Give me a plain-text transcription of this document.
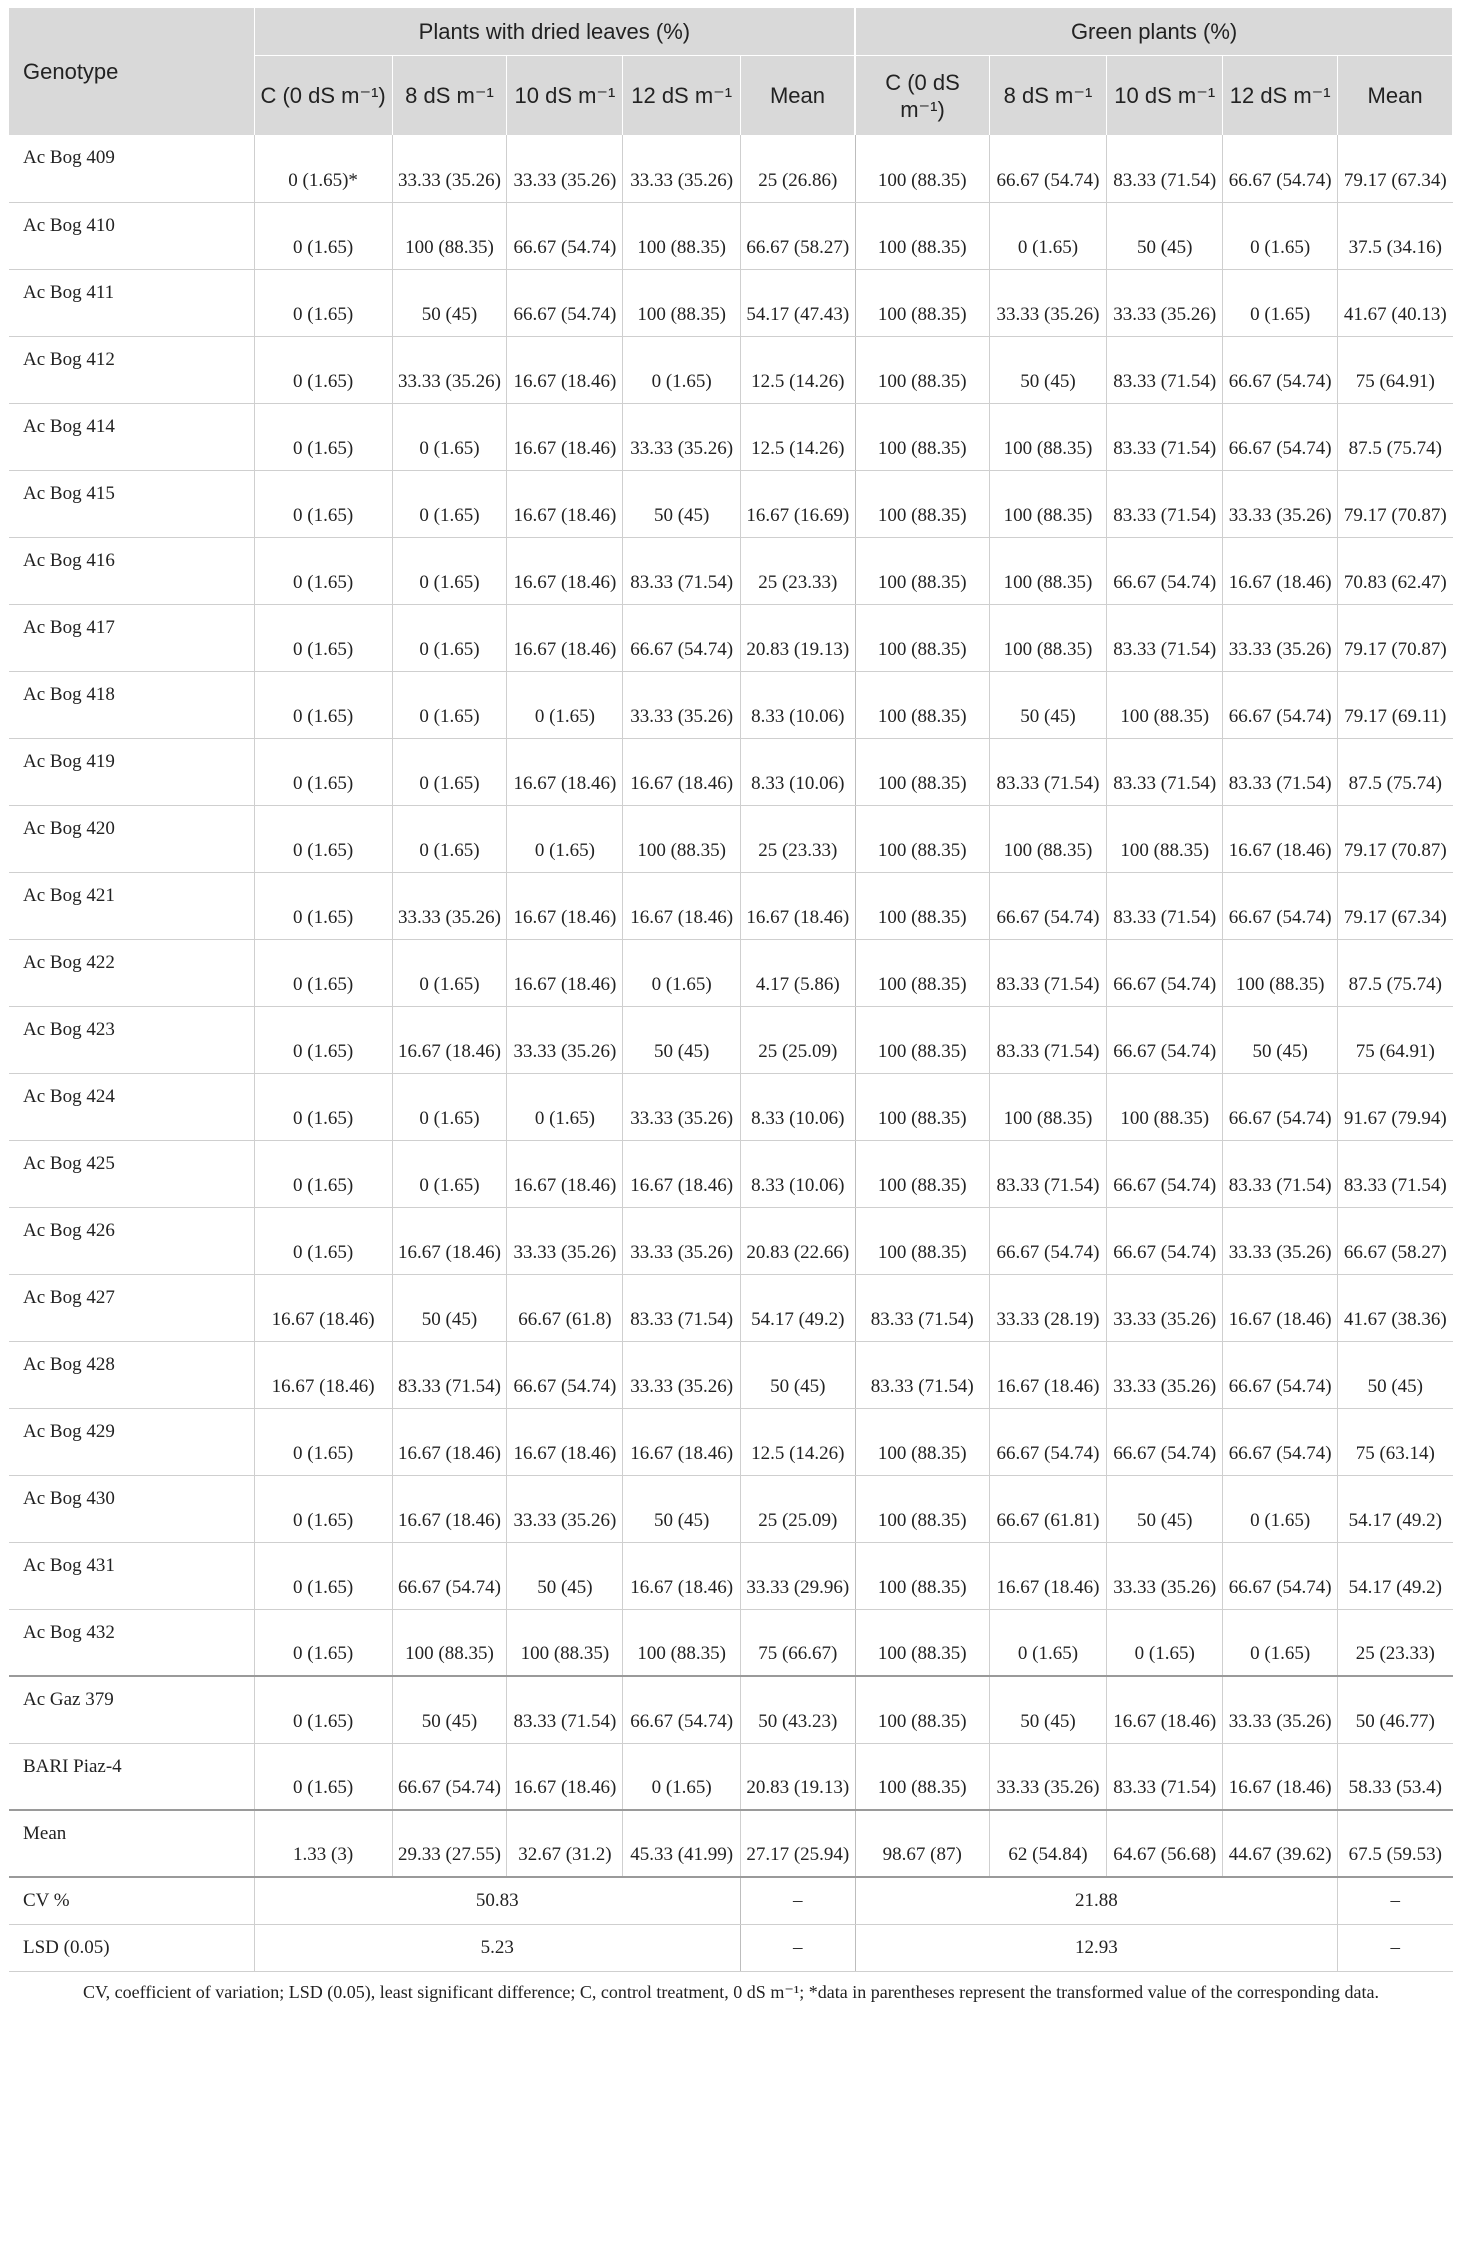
Genotype	Plants with dried leaves (%)					Green plants (%)				
	C (0 dS m⁻¹)	8 dS m⁻¹	10 dS m⁻¹	12 dS m⁻¹	Mean	C (0 dS m⁻¹)	8 dS m⁻¹	10 dS m⁻¹	12 dS m⁻¹	Mean
Ac Bog 409	0 (1.65)*	33.33 (35.26)	33.33 (35.26)	33.33 (35.26)	25 (26.86)	100 (88.35)	66.67 (54.74)	83.33 (71.54)	66.67 (54.74)	79.17 (67.34)
Ac Bog 410	0 (1.65)	100 (88.35)	66.67 (54.74)	100 (88.35)	66.67 (58.27)	100 (88.35)	0 (1.65)	50 (45)	0 (1.65)	37.5 (34.16)
Ac Bog 411	0 (1.65)	50 (45)	66.67 (54.74)	100 (88.35)	54.17 (47.43)	100 (88.35)	33.33 (35.26)	33.33 (35.26)	0 (1.65)	41.67 (40.13)
Ac Bog 412	0 (1.65)	33.33 (35.26)	16.67 (18.46)	0 (1.65)	12.5 (14.26)	100 (88.35)	50 (45)	83.33 (71.54)	66.67 (54.74)	75 (64.91)
Ac Bog 414	0 (1.65)	0 (1.65)	16.67 (18.46)	33.33 (35.26)	12.5 (14.26)	100 (88.35)	100 (88.35)	83.33 (71.54)	66.67 (54.74)	87.5 (75.74)
Ac Bog 415	0 (1.65)	0 (1.65)	16.67 (18.46)	50 (45)	16.67 (16.69)	100 (88.35)	100 (88.35)	83.33 (71.54)	33.33 (35.26)	79.17 (70.87)
Ac Bog 416	0 (1.65)	0 (1.65)	16.67 (18.46)	83.33 (71.54)	25 (23.33)	100 (88.35)	100 (88.35)	66.67 (54.74)	16.67 (18.46)	70.83 (62.47)
Ac Bog 417	0 (1.65)	0 (1.65)	16.67 (18.46)	66.67 (54.74)	20.83 (19.13)	100 (88.35)	100 (88.35)	83.33 (71.54)	33.33 (35.26)	79.17 (70.87)
Ac Bog 418	0 (1.65)	0 (1.65)	0 (1.65)	33.33 (35.26)	8.33 (10.06)	100 (88.35)	50 (45)	100 (88.35)	66.67 (54.74)	79.17 (69.11)
Ac Bog 419	0 (1.65)	0 (1.65)	16.67 (18.46)	16.67 (18.46)	8.33 (10.06)	100 (88.35)	83.33 (71.54)	83.33 (71.54)	83.33 (71.54)	87.5 (75.74)
Ac Bog 420	0 (1.65)	0 (1.65)	0 (1.65)	100 (88.35)	25 (23.33)	100 (88.35)	100 (88.35)	100 (88.35)	16.67 (18.46)	79.17 (70.87)
Ac Bog 421	0 (1.65)	33.33 (35.26)	16.67 (18.46)	16.67 (18.46)	16.67 (18.46)	100 (88.35)	66.67 (54.74)	83.33 (71.54)	66.67 (54.74)	79.17 (67.34)
Ac Bog 422	0 (1.65)	0 (1.65)	16.67 (18.46)	0 (1.65)	4.17 (5.86)	100 (88.35)	83.33 (71.54)	66.67 (54.74)	100 (88.35)	87.5 (75.74)
Ac Bog 423	0 (1.65)	16.67 (18.46)	33.33 (35.26)	50 (45)	25 (25.09)	100 (88.35)	83.33 (71.54)	66.67 (54.74)	50 (45)	75 (64.91)
Ac Bog 424	0 (1.65)	0 (1.65)	0 (1.65)	33.33 (35.26)	8.33 (10.06)	100 (88.35)	100 (88.35)	100 (88.35)	66.67 (54.74)	91.67 (79.94)
Ac Bog 425	0 (1.65)	0 (1.65)	16.67 (18.46)	16.67 (18.46)	8.33 (10.06)	100 (88.35)	83.33 (71.54)	66.67 (54.74)	83.33 (71.54)	83.33 (71.54)
Ac Bog 426	0 (1.65)	16.67 (18.46)	33.33 (35.26)	33.33 (35.26)	20.83 (22.66)	100 (88.35)	66.67 (54.74)	66.67 (54.74)	33.33 (35.26)	66.67 (58.27)
Ac Bog 427	16.67 (18.46)	50 (45)	66.67 (61.8)	83.33 (71.54)	54.17 (49.2)	83.33 (71.54)	33.33 (28.19)	33.33 (35.26)	16.67 (18.46)	41.67 (38.36)
Ac Bog 428	16.67 (18.46)	83.33 (71.54)	66.67 (54.74)	33.33 (35.26)	50 (45)	83.33 (71.54)	16.67 (18.46)	33.33 (35.26)	66.67 (54.74)	50 (45)
Ac Bog 429	0 (1.65)	16.67 (18.46)	16.67 (18.46)	16.67 (18.46)	12.5 (14.26)	100 (88.35)	66.67 (54.74)	66.67 (54.74)	66.67 (54.74)	75 (63.14)
Ac Bog 430	0 (1.65)	16.67 (18.46)	33.33 (35.26)	50 (45)	25 (25.09)	100 (88.35)	66.67 (61.81)	50 (45)	0 (1.65)	54.17 (49.2)
Ac Bog 431	0 (1.65)	66.67 (54.74)	50 (45)	16.67 (18.46)	33.33 (29.96)	100 (88.35)	16.67 (18.46)	33.33 (35.26)	66.67 (54.74)	54.17 (49.2)
Ac Bog 432	0 (1.65)	100 (88.35)	100 (88.35)	100 (88.35)	75 (66.67)	100 (88.35)	0 (1.65)	0 (1.65)	0 (1.65)	25 (23.33)
Ac Gaz 379	0 (1.65)	50 (45)	83.33 (71.54)	66.67 (54.74)	50 (43.23)	100 (88.35)	50 (45)	16.67 (18.46)	33.33 (35.26)	50 (46.77)
BARI Piaz-4	0 (1.65)	66.67 (54.74)	16.67 (18.46)	0 (1.65)	20.83 (19.13)	100 (88.35)	33.33 (35.26)	83.33 (71.54)	16.67 (18.46)	58.33 (53.4)
Mean	1.33 (3)	29.33 (27.55)	32.67 (31.2)	45.33 (41.99)	27.17 (25.94)	98.67 (87)	62 (54.84)	64.67 (56.68)	44.67 (39.62)	67.5 (59.53)
CV %	50.83				–	21.88				–
LSD (0.05)	5.23				–	12.93				–
CV, coefficient of variation; LSD (0.05), least significant difference; C, control treatment, 0 dS m⁻¹; *data in parentheses represent the transformed value of the corresponding data.
